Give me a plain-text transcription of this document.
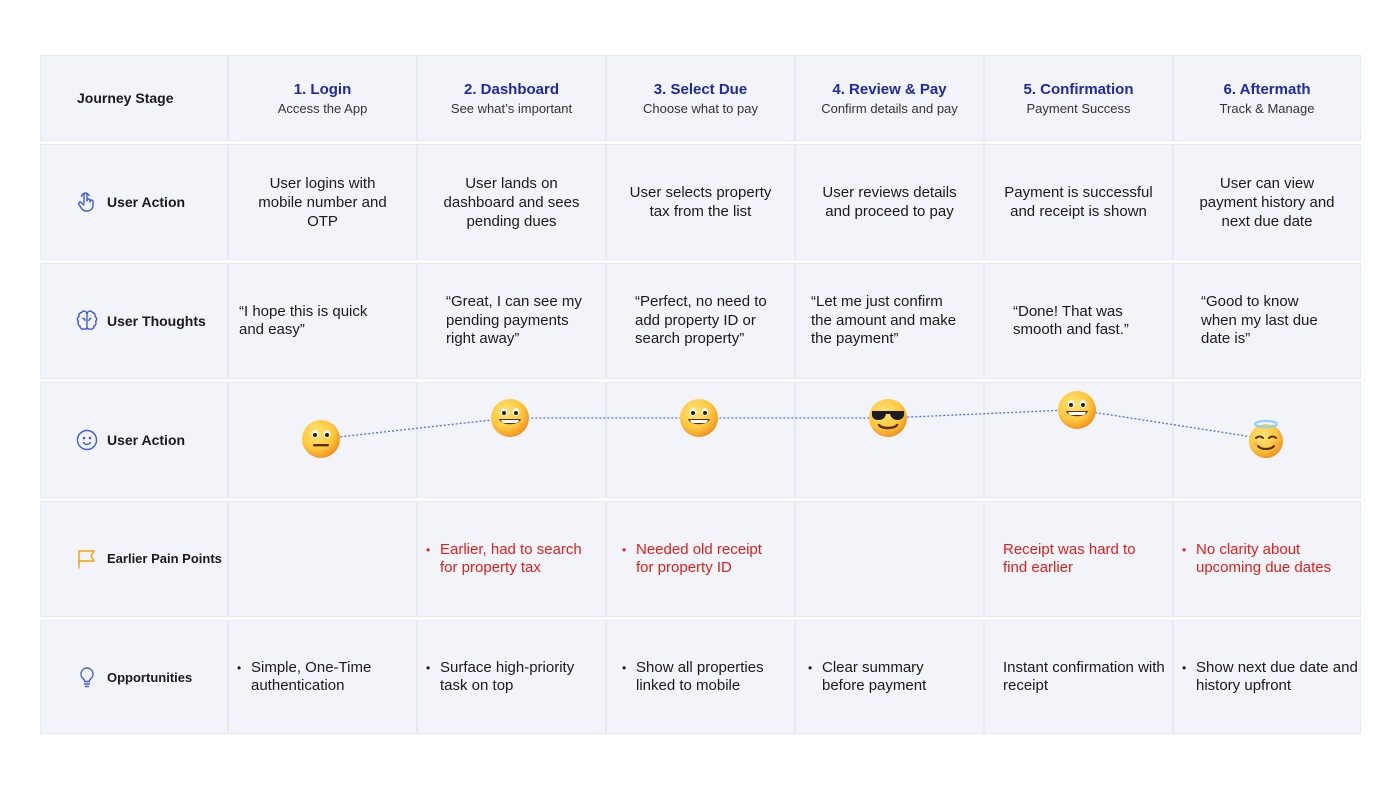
Journey Stage	1. Login
Access the App
2. Dashboard
See what’s important
3. Select Due
Choose what to pay
4. Review & Pay
Confirm details and pay
5. Confirmation
Payment Success
6. Aftermath
Track & Manage
User Action
User logins with mobile number and OTP
User lands on dashboard and sees pending dues
User selects property tax from the list
User reviews details and proceed to pay
Payment is successful and receipt is shown
User can view payment history and next due date
User Thoughts
“I hope this is quick and easy”
“Great, I can see my pending payments right away”
“Perfect, no need to add property ID or search property”
“Let me just confirm the amount and make the payment”
“Done! That was smooth and fast.”
“Good to know when my last due date is”
User Action
Earlier Pain Points
• Earlier, had to search for property tax
• Needed old receipt for property ID
Receipt was hard to find earlier
• No clarity about upcoming due dates
Opportunities
• Simple, One-Time authentication
• Surface high-priority task on top
• Show all properties linked to mobile
• Clear summary before payment
Instant confirmation with receipt
• Show next due date and history upfront
